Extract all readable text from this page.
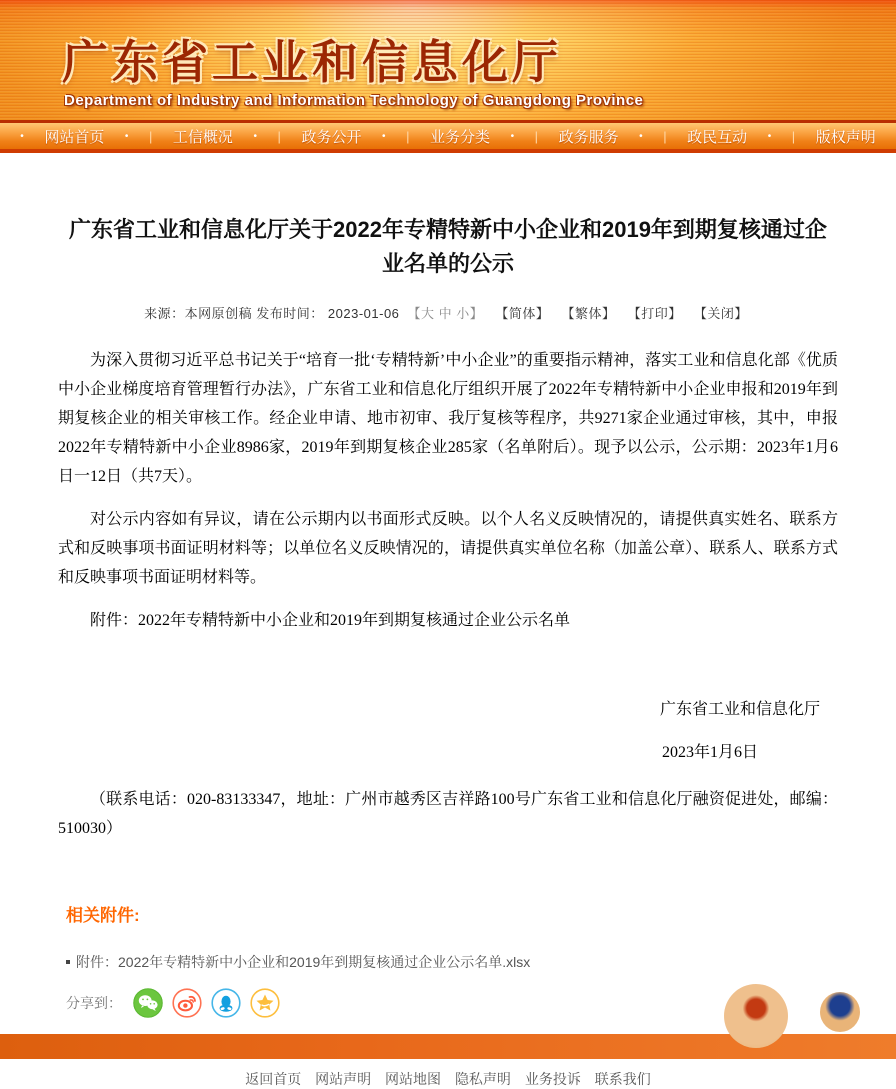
广东省工业和信息化厅
Department of Industry and Information Technology of Guangdong Province
• 网站首页 • | 工信概况 • | 政务公开 • | 业务分类 • | 政务服务 • | 政民互动 • | 版权声明
广东省工业和信息化厅关于2022年专精特新中小企业和2019年到期复核通过企业名单的公示
来源：本网原创稿 发布时间： 2023-01-06 【大 中 小】 【简体】 【繁体】 【打印】 【关闭】

为深入贯彻习近平总书记关于“培育一批‘专精特新’中小企业”的重要指示精神，落实工业和信息化部《优质中小企业梯度培育管理暂行办法》，广东省工业和信息化厅组织开展了2022年专精特新中小企业申报和2019年到期复核企业的相关审核工作。经企业申请、地市初审、我厅复核等程序，共9271家企业通过审核，其中，申报2022年专精特新中小企业8986家，2019年到期复核企业285家（名单附后）。现予以公示，公示期：2023年1月6日一12日（共7天）。

对公示内容如有异议，请在公示期内以书面形式反映。以个人名义反映情况的，请提供真实姓名、联系方式和反映事项书面证明材料等；以单位名义反映情况的，请提供真实单位名称（加盖公章）、联系人、联系方式和反映事项书面证明材料等。

附件：2022年专精特新中小企业和2019年到期复核通过企业公示名单

广东省工业和信息化厅

2023年1月6日

（联系电话：020-83133347，地址：广州市越秀区吉祥路100号广东省工业和信息化厅融资促进处，邮编：510030）

相关附件:
附件：2022年专精特新中小企业和2019年到期复核通过企业公示名单.xlsx
分享到：
返回首页 网站声明 网站地图 隐私声明 业务投诉 联系我们
